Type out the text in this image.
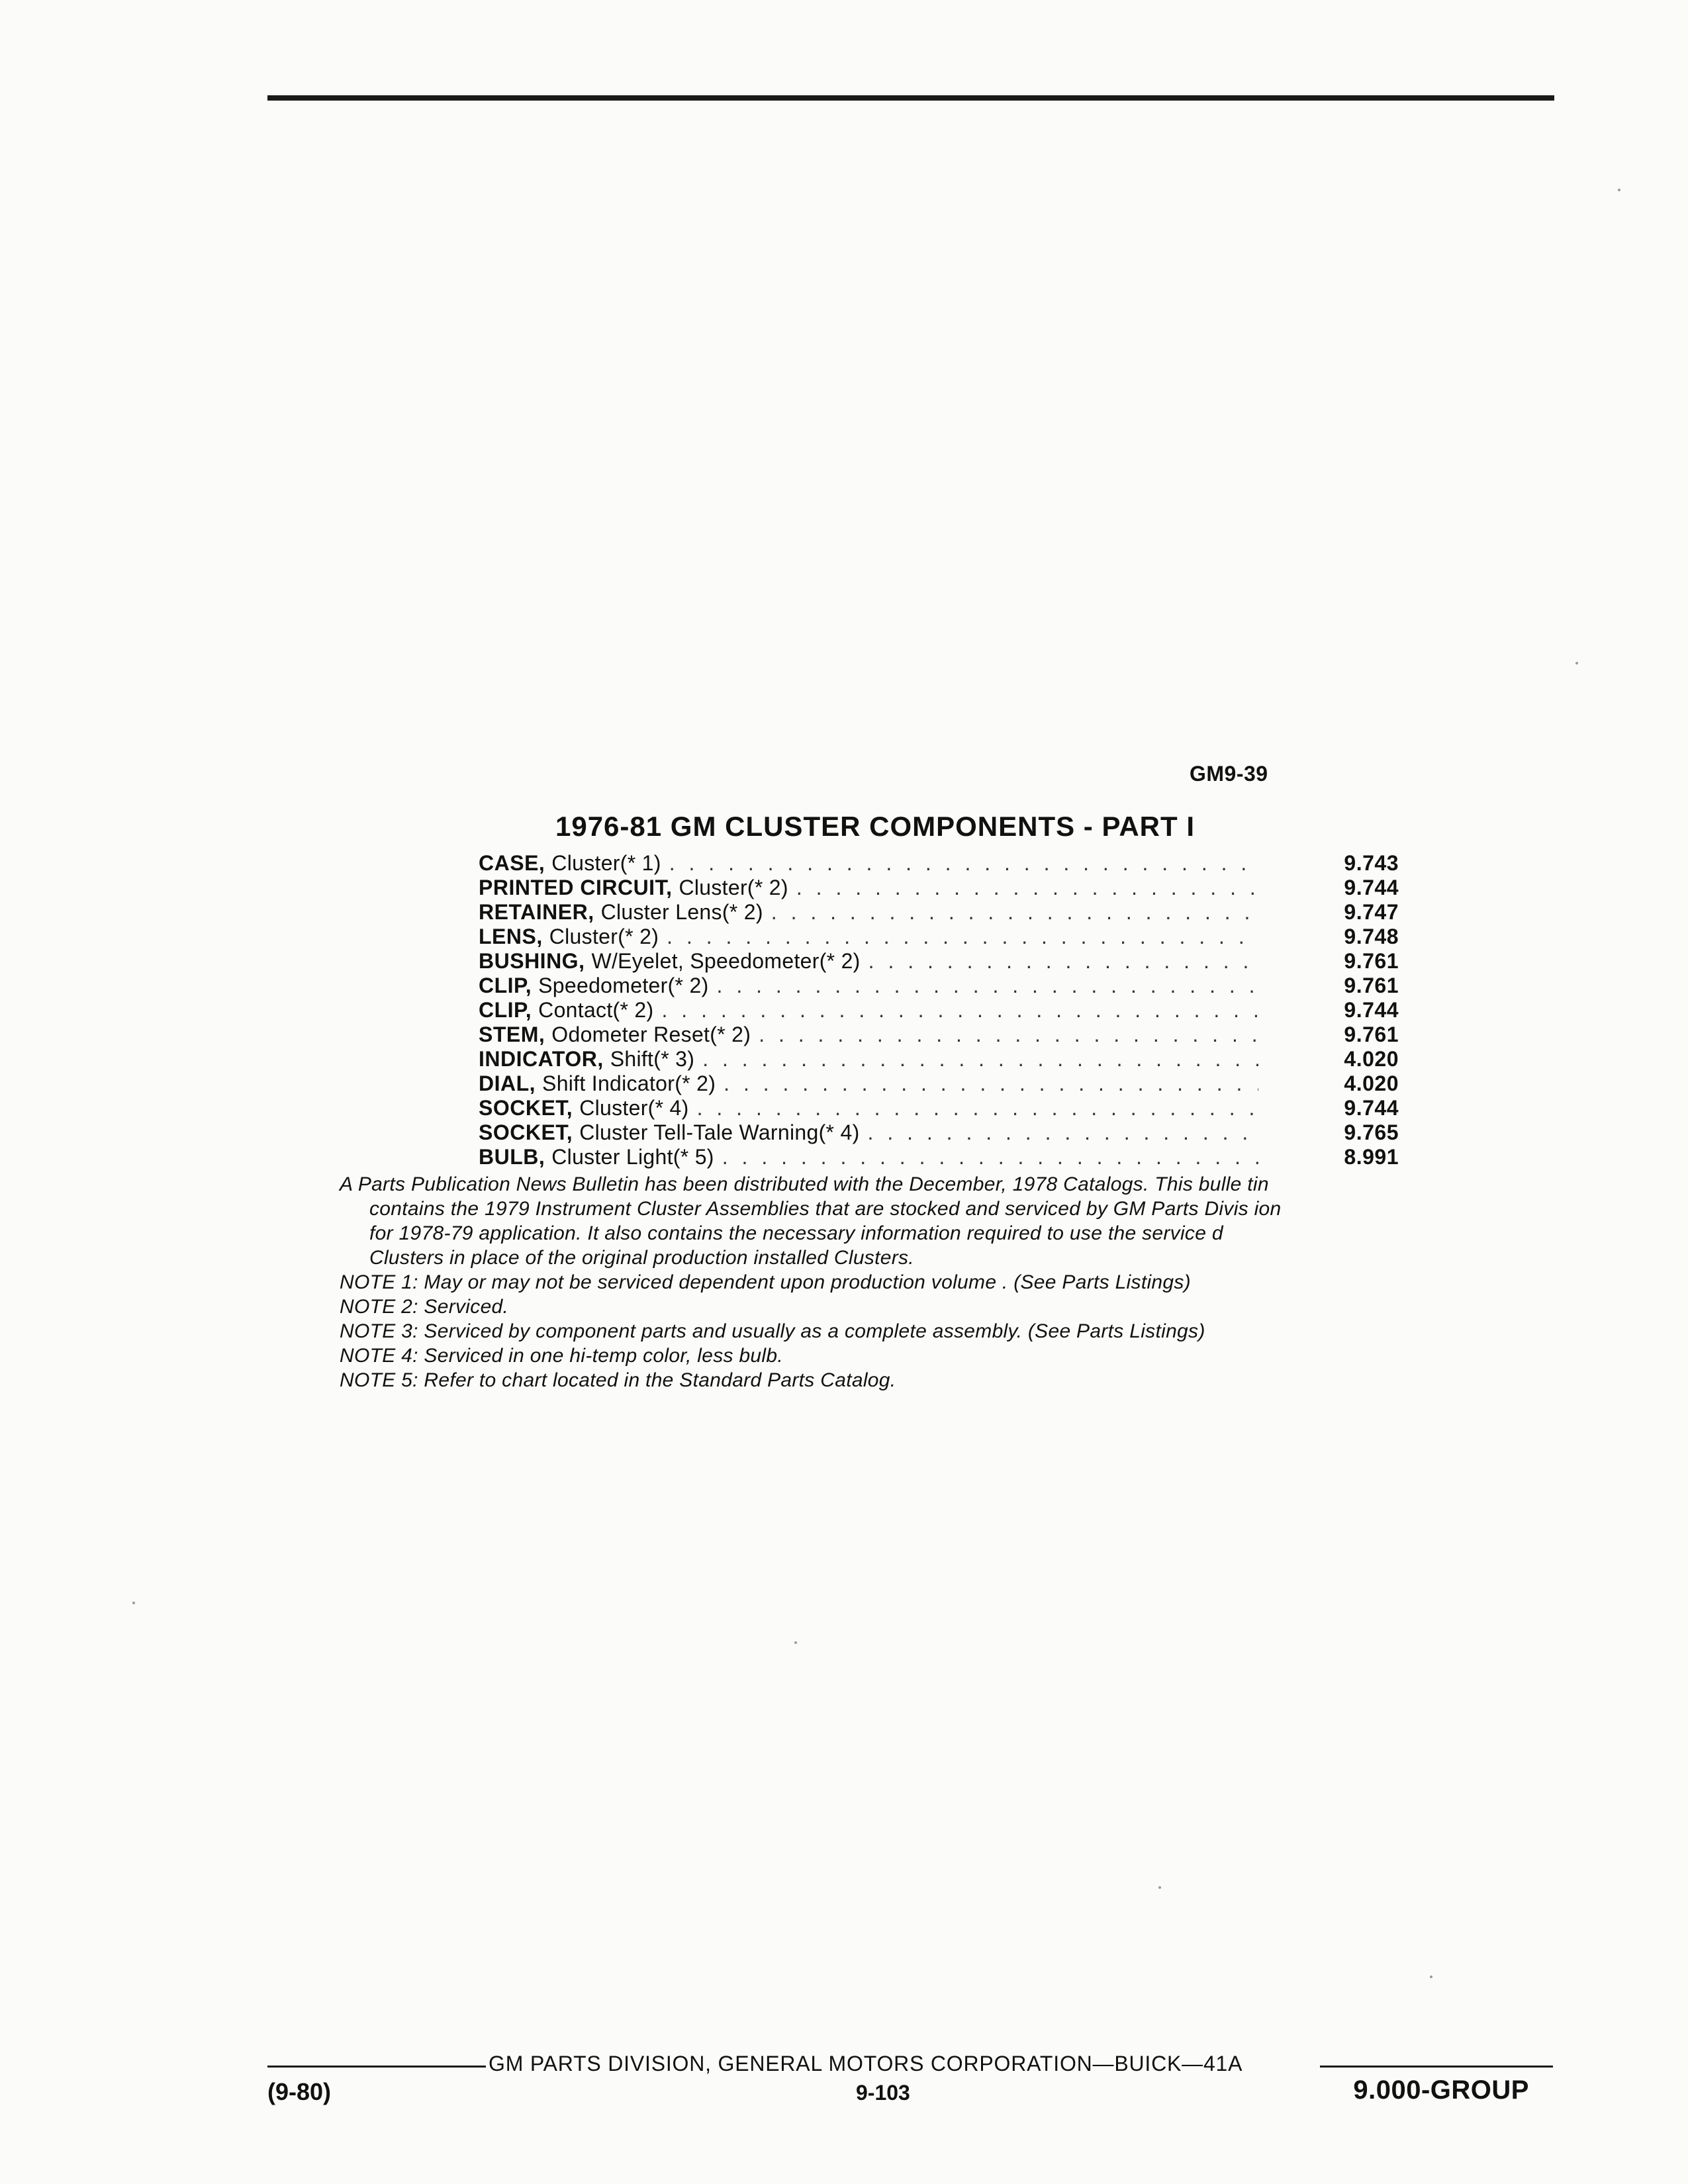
GM9-39
1976-81 GM CLUSTER COMPONENTS - PART I
CASE, Cluster(* 1) . . .	9.743
PRINTED CIRCUIT, Cluster(* 2) . . .	9.744
RETAINER, Cluster Lens(* 2) . . .	9.747
LENS, Cluster(* 2) . . .	9.748
BUSHING, W/Eyelet, Speedometer(* 2) . . .	9.761
CLIP, Speedometer(* 2) . . .	9.761
CLIP, Contact(* 2) . . .	9.744
STEM, Odometer Reset(* 2) . . .	9.761
INDICATOR, Shift(* 3) . . .	4.020
DIAL, Shift Indicator(* 2) . . .	4.020
SOCKET, Cluster(* 4) . . .	9.744
SOCKET, Cluster Tell-Tale Warning(* 4) . . .	9.765
BULB, Cluster Light(* 5) . . .	8.991

A Parts Publication News Bulletin has been distributed with the December, 1978 Catalogs. This bulle tin

contains the 1979 Instrument Cluster Assemblies that are stocked and serviced by GM Parts Divis ion

for 1978-79 application. It also contains the necessary information required to use the service d

Clusters in place of the original production installed Clusters.

NOTE 1: May or may not be serviced dependent upon production volume . (See Parts Listings)

NOTE 2: Serviced.

NOTE 3: Serviced by component parts and usually as a complete assembly. (See Parts Listings)

NOTE 4: Serviced in one hi-temp color, less bulb.

NOTE 5: Refer to chart located in the Standard Parts Catalog.

GM PARTS DIVISION, GENERAL MOTORS CORPORATION—BUICK—41A
(9-80)	9-103	9.000-GROUP
